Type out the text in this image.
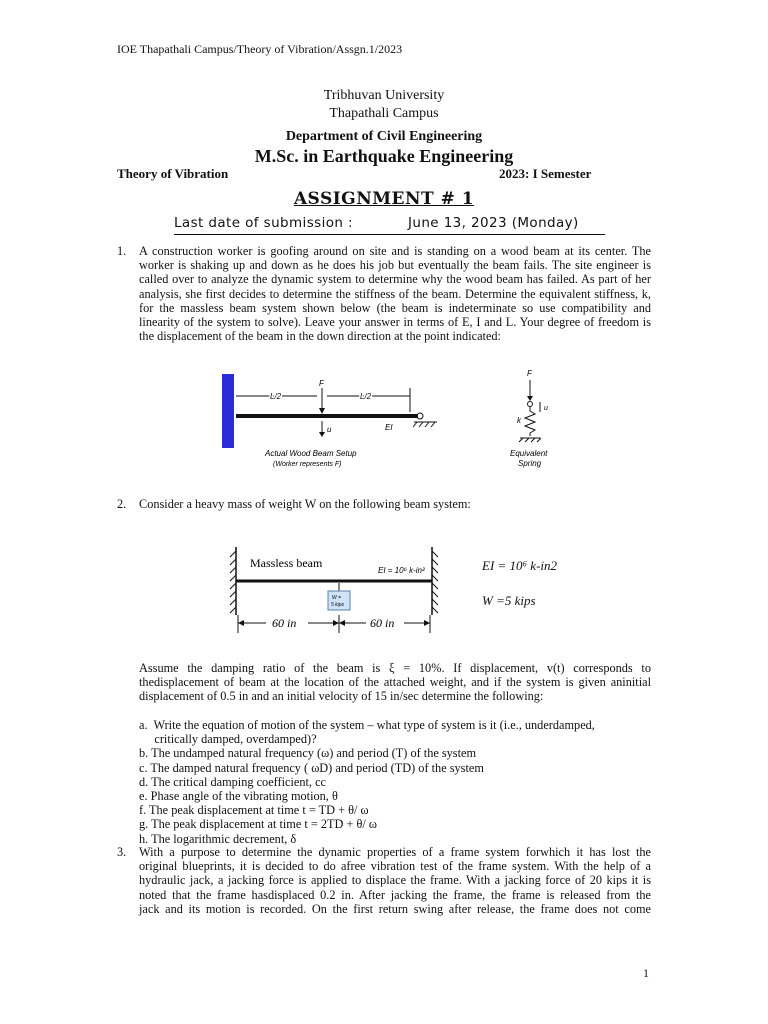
IOE Thapathali Campus/Theory of Vibration/Assgn.1/2023
Tribhuvan University
Thapathali Campus
Department of Civil Engineering
M.Sc. in Earthquake Engineering
Theory of Vibration	2023: I Semester
ASSIGNMENT # 1
Last date of submission :	June 13, 2023 (Monday)
1. A construction worker is goofing around on site and is standing on a wood beam at its center. The worker is shaking up and down as he does his job but eventually the beam fails. The site engineer is called over to analyze the dynamic system to determine why the wood beam has failed. As part of her analysis, she first decides to determine the stiffness of the beam. Determine the equivalent stiffness, k, for the massless beam system shown below (the beam is indeterminate so use compatibility and linearity of the system to solve). Leave your answer in terms of E, I and L. Your degree of freedom is the displacement of the beam in the down direction at the point indicated:
F
L/2	L/2
u	EI
Actual Wood Beam Setup
(Worker represents F)
F
u
k
Equivalent
Spring
2. Consider a heavy mass of weight W on the following beam system:
Massless beam
EI = 10⁶ k-in²
W =
5 kips
60 in	60 in
EI = 10⁶ k-in2
W =5 kips
Assume the damping ratio of the beam is ξ = 10%. If displacement, v(t) corresponds to
thedisplacement of beam at the location of the attached weight, and if the system is given aninitial
displacement of 0.5 in and an initial velocity of 15 in/sec determine the following:
a.  Write the equation of motion of the system – what type of system is it (i.e., underdamped,
critically damped, overdamped)?
b. The undamped natural frequency (ω) and period (T) of the system
c. The damped natural frequency ( ωD) and period (TD) of the system
d. The critical damping coefficient, cc
e. Phase angle of the vibrating motion, θ
f. The peak displacement at time t = TD + θ/ ω
g. The peak displacement at time t = 2TD + θ/ ω
h. The logarithmic decrement, δ
3. With a purpose to determine the dynamic properties of a frame system forwhich it has lost the
original blueprints, it is decided to do afree vibration test of the frame system. With the help of a
hydraulic jack, a jacking force is applied to displace the frame. With a jacking force of 20 kips it is
noted that the frame hasdisplaced 0.2 in. After jacking the frame, the frame is released from the
jack and its motion is recorded. On the first return swing after release, the frame does not come
1
